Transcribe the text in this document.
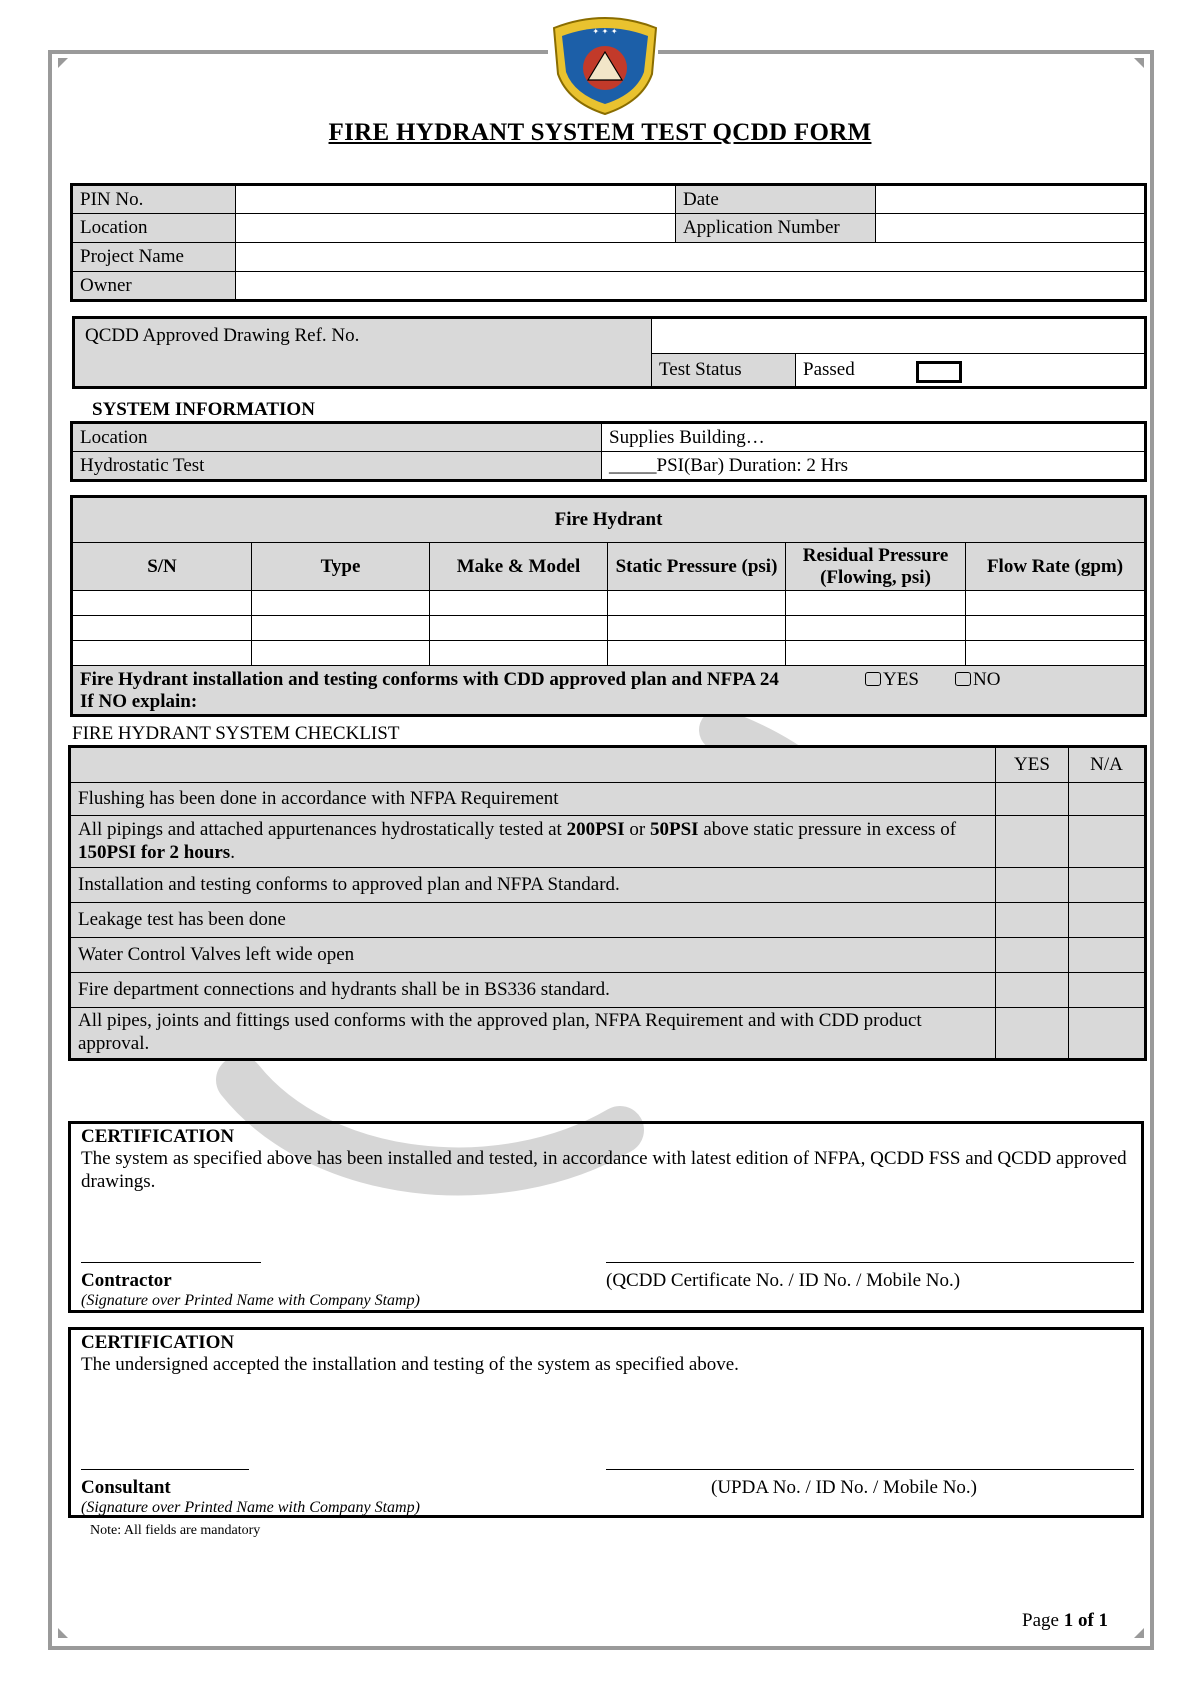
✦ ✦ ✦
FIRE HYDRANT SYSTEM TEST QCDD FORM
PIN No.		Date	
Location		Application Number	
Project Name			
Owner			
QCDD Approved Drawing Ref. No.		
	Test Status	Passed
SYSTEM INFORMATION
Location	Supplies Building…
Hydrostatic Test	_____PSI(Bar) Duration: 2 Hrs
Fire Hydrant					
S/N	Type	Make & Model	Static Pressure (psi)	Residual Pressure (Flowing, psi)	Flow Rate (gpm)

Fire Hydrant installation and testing conforms with CDD approved plan and NFPA 24 YES NO
If NO explain:					
FIRE HYDRANT SYSTEM CHECKLIST
	YES	N/A
Flushing has been done in accordance with NFPA Requirement		
All pipings and attached appurtenances hydrostatically tested at 200PSI or 50PSI above static pressure in excess of 150PSI for 2 hours.		
Installation and testing conforms to approved plan and NFPA Standard.		
Leakage test has been done		
Water Control Valves left wide open		
Fire department connections and hydrants shall be in BS336 standard.		
All pipes, joints and fittings used conforms with the approved plan, NFPA Requirement and with CDD product approval.		
CERTIFICATION
The system as specified above has been installed and tested, in accordance with latest edition of NFPA, QCDD FSS and QCDD approved drawings.
Contractor	(QCDD Certificate No. / ID No. / Mobile No.)
(Signature over Printed Name with Company Stamp)
CERTIFICATION
The undersigned accepted the installation and testing of the system as specified above.
Consultant	(UPDA No. / ID No. / Mobile No.)
(Signature over Printed Name with Company Stamp)
Note: All fields are mandatory
Page 1 of 1
